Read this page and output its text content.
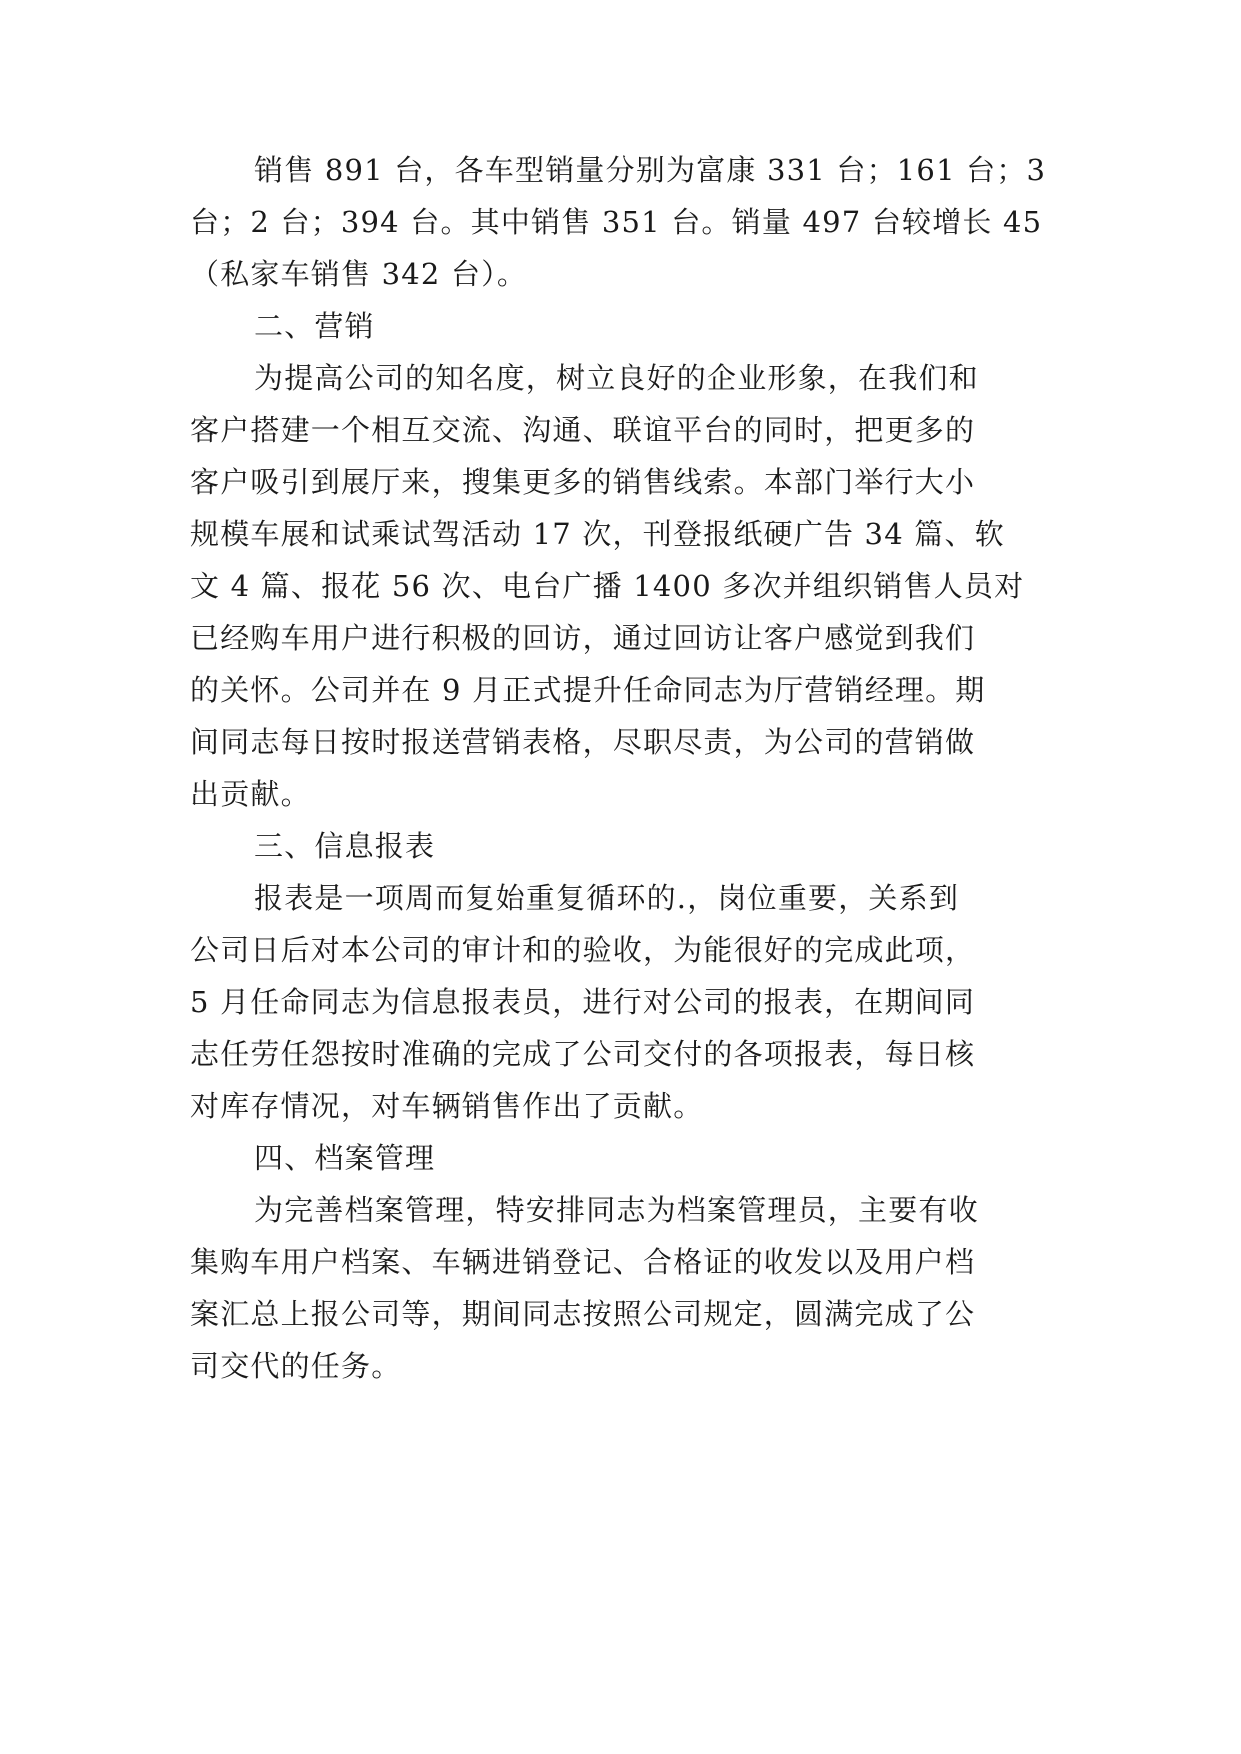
销售 891 台，各车型销量分别为富康 331 台；161 台；3
台；2 台；394 台。其中销售 351 台。销量 497 台较增长 45
（私家车销售 342 台）。
二、营销
为提高公司的知名度，树立良好的企业形象，在我们和
客户搭建一个相互交流、沟通、联谊平台的同时，把更多的
客户吸引到展厅来，搜集更多的销售线索。本部门举行大小
规模车展和试乘试驾活动 17 次，刊登报纸硬广告 34 篇、软
文 4 篇、报花 56 次、电台广播 1400 多次并组织销售人员对
已经购车用户进行积极的回访，通过回访让客户感觉到我们
的关怀。公司并在 9 月正式提升任命同志为厅营销经理。期
间同志每日按时报送营销表格，尽职尽责，为公司的营销做
出贡献。
三、信息报表
报表是一项周而复始重复循环的.，岗位重要，关系到
公司日后对本公司的审计和的验收，为能很好的完成此项，
5 月任命同志为信息报表员，进行对公司的报表，在期间同
志任劳任怨按时准确的完成了公司交付的各项报表，每日核
对库存情况，对车辆销售作出了贡献。
四、档案管理
为完善档案管理，特安排同志为档案管理员，主要有收
集购车用户档案、车辆进销登记、合格证的收发以及用户档
案汇总上报公司等，期间同志按照公司规定，圆满完成了公
司交代的任务。
